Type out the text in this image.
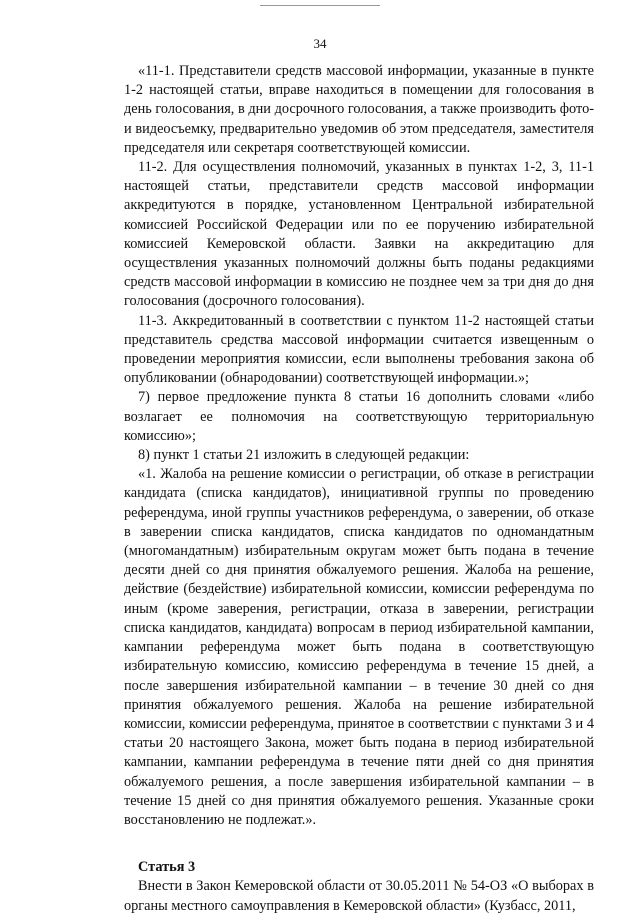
34

«11-1. Представители средств массовой информации, указанные в пункте 1-2 настоящей статьи, вправе находиться в помещении для голосования в день голосования, в дни досрочного голосования, а также производить фото- и видеосъемку, предварительно уведомив об этом председателя, заместителя председателя или секретаря соответствующей комиссии.

11-2. Для осуществления полномочий, указанных в пунктах 1-2, 3, 11-1 настоящей статьи, представители средств массовой информации аккредитуются в порядке, установленном Центральной избирательной комиссией Российской Федерации или по ее поручению избирательной комиссией Кемеровской области. Заявки на аккредитацию для осуществления указанных полномочий должны быть поданы редакциями средств массовой информации в комиссию не позднее чем за три дня до дня голосования (досрочного голосования).

11-3. Аккредитованный в соответствии с пунктом 11-2 настоящей статьи представитель средства массовой информации считается извещенным о проведении мероприятия комиссии, если выполнены требования закона об опубликовании (обнародовании) соответствующей информации.»;

7) первое предложение пункта 8 статьи 16 дополнить словами «либо возлагает ее полномочия на соответствующую территориальную комиссию»;

8) пункт 1 статьи 21 изложить в следующей редакции:

«1. Жалоба на решение комиссии о регистрации, об отказе в регистрации кандидата (списка кандидатов), инициативной группы по проведению референдума, иной группы участников референдума, о заверении, об отказе в заверении списка кандидатов, списка кандидатов по одномандатным (многомандатным) избирательным округам может быть подана в течение десяти дней со дня принятия обжалуемого решения. Жалоба на решение, действие (бездействие) избирательной комиссии, комиссии референдума по иным (кроме заверения, регистрации, отказа в заверении, регистрации списка кандидатов, кандидата) вопросам в период избирательной кампании, кампании референдума может быть подана в соответствующую избирательную комиссию, комиссию референдума в течение 15 дней, а после завершения избирательной кампании – в течение 30 дней со дня принятия обжалуемого решения. Жалоба на решение избирательной комиссии, комиссии референдума, принятое в соответствии с пунктами 3 и 4 статьи 20 настоящего Закона, может быть подана в период избирательной кампании, кампании референдума в течение пяти дней со дня принятия обжалуемого решения, а после завершения избирательной кампании – в течение 15 дней со дня принятия обжалуемого решения. Указанные сроки восстановлению не подлежат.».

Статья 3

Внести в Закон Кемеровской области от 30.05.2011 № 54-ОЗ «О выборах в органы местного самоуправления в Кемеровской области» (Кузбасс, 2011,
